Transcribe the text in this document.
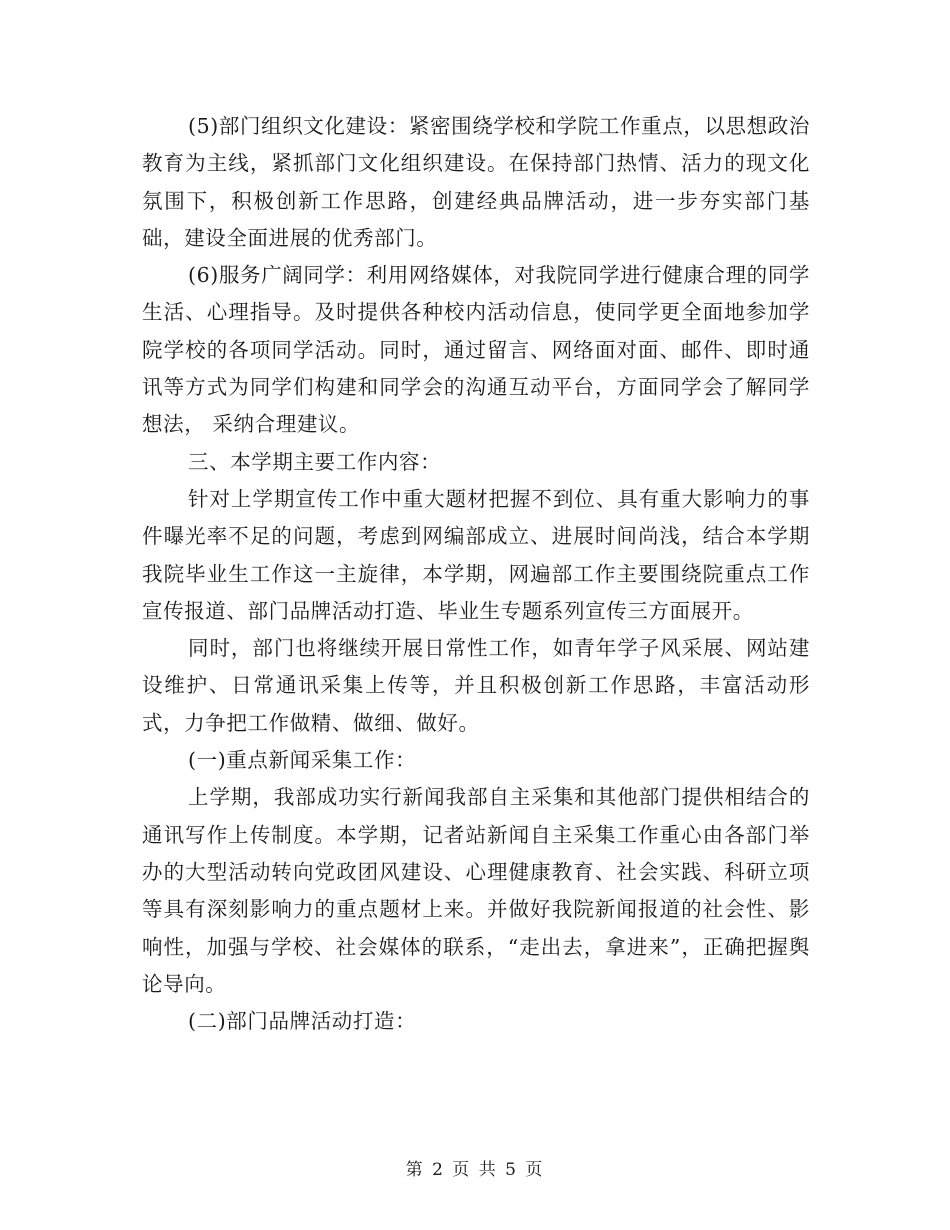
(5)部门组织文化建设：紧密围绕学校和学院工作重点，以思想政治教育为主线，紧抓部门文化组织建设。在保持部门热情、活力的现文化氛围下，积极创新工作思路，创建经典品牌活动，进一步夯实部门基础，建设全面进展的优秀部门。

(6)服务广阔同学：利用网络媒体，对我院同学进行健康合理的同学生活、心理指导。及时提供各种校内活动信息，使同学更全面地参加学院学校的各项同学活动。同时，通过留言、网络面对面、邮件、即时通讯等方式为同学们构建和同学会的沟通互动平台，方面同学会了解同学想法， 采纳合理建议。

三、本学期主要工作内容：

针对上学期宣传工作中重大题材把握不到位、具有重大影响力的事件曝光率不足的问题，考虑到网编部成立、进展时间尚浅，结合本学期我院毕业生工作这一主旋律，本学期，网遍部工作主要围绕院重点工作宣传报道、部门品牌活动打造、毕业生专题系列宣传三方面展开。

同时，部门也将继续开展日常性工作，如青年学子风采展、网站建设维护、日常通讯采集上传等，并且积极创新工作思路，丰富活动形式，力争把工作做精、做细、做好。

(一)重点新闻采集工作：

上学期，我部成功实行新闻我部自主采集和其他部门提供相结合的通讯写作上传制度。本学期，记者站新闻自主采集工作重心由各部门举办的大型活动转向党政团风建设、心理健康教育、社会实践、科研立项等具有深刻影响力的重点题材上来。并做好我院新闻报道的社会性、影响性，加强与学校、社会媒体的联系，“走出去，拿进来”，正确把握舆论导向。

(二)部门品牌活动打造：

第 2 页 共 5 页
